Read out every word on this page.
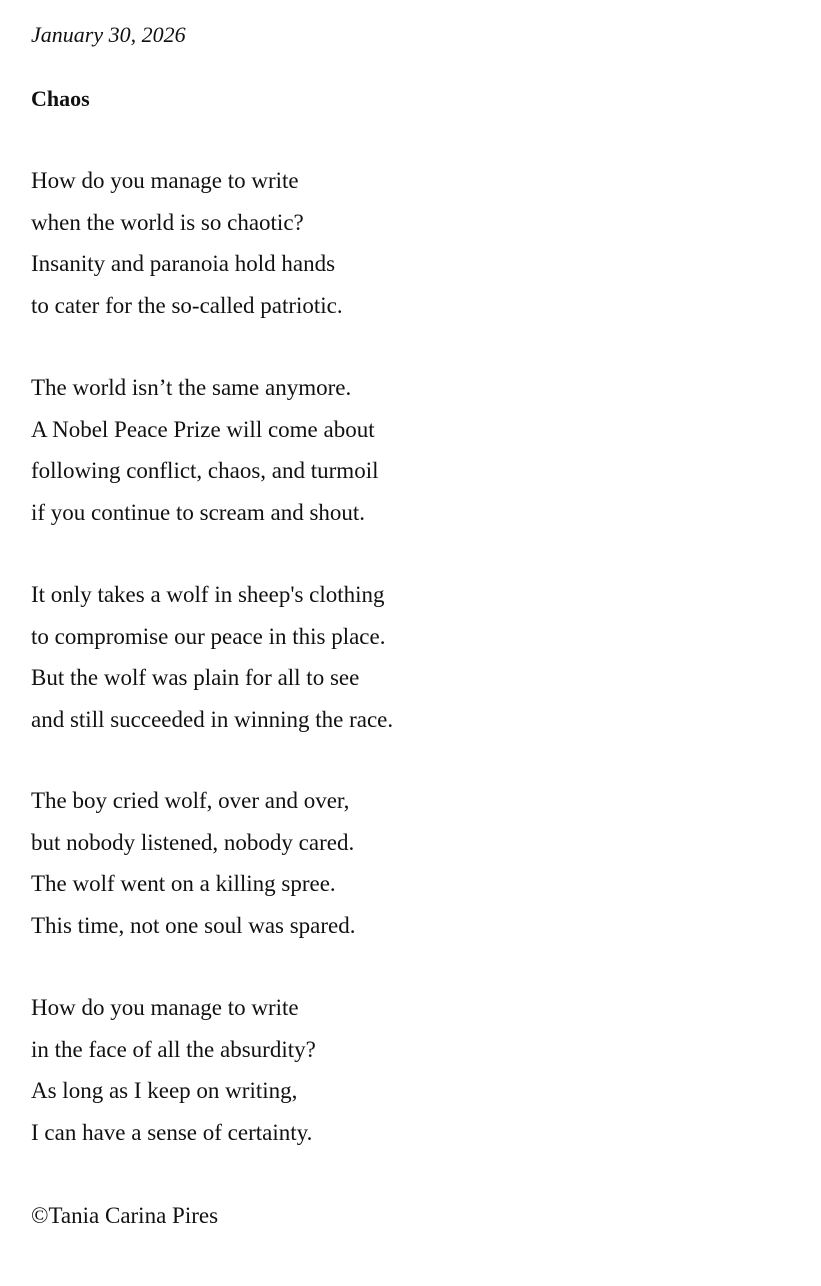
January 30, 2026
Chaos
How do you manage to write
when the world is so chaotic?
Insanity and paranoia hold hands
to cater for the so-called patriotic.
The world isn’t the same anymore.
A Nobel Peace Prize will come about
following conflict, chaos, and turmoil
if you continue to scream and shout.
It only takes a wolf in sheep's clothing
to compromise our peace in this place.
But the wolf was plain for all to see
and still succeeded in winning the race.
The boy cried wolf, over and over,
but nobody listened, nobody cared.
The wolf went on a killing spree.
This time, not one soul was spared.
How do you manage to write
in the face of all the absurdity?
As long as I keep on writing,
I can have a sense of certainty.
©Tania Carina Pires
